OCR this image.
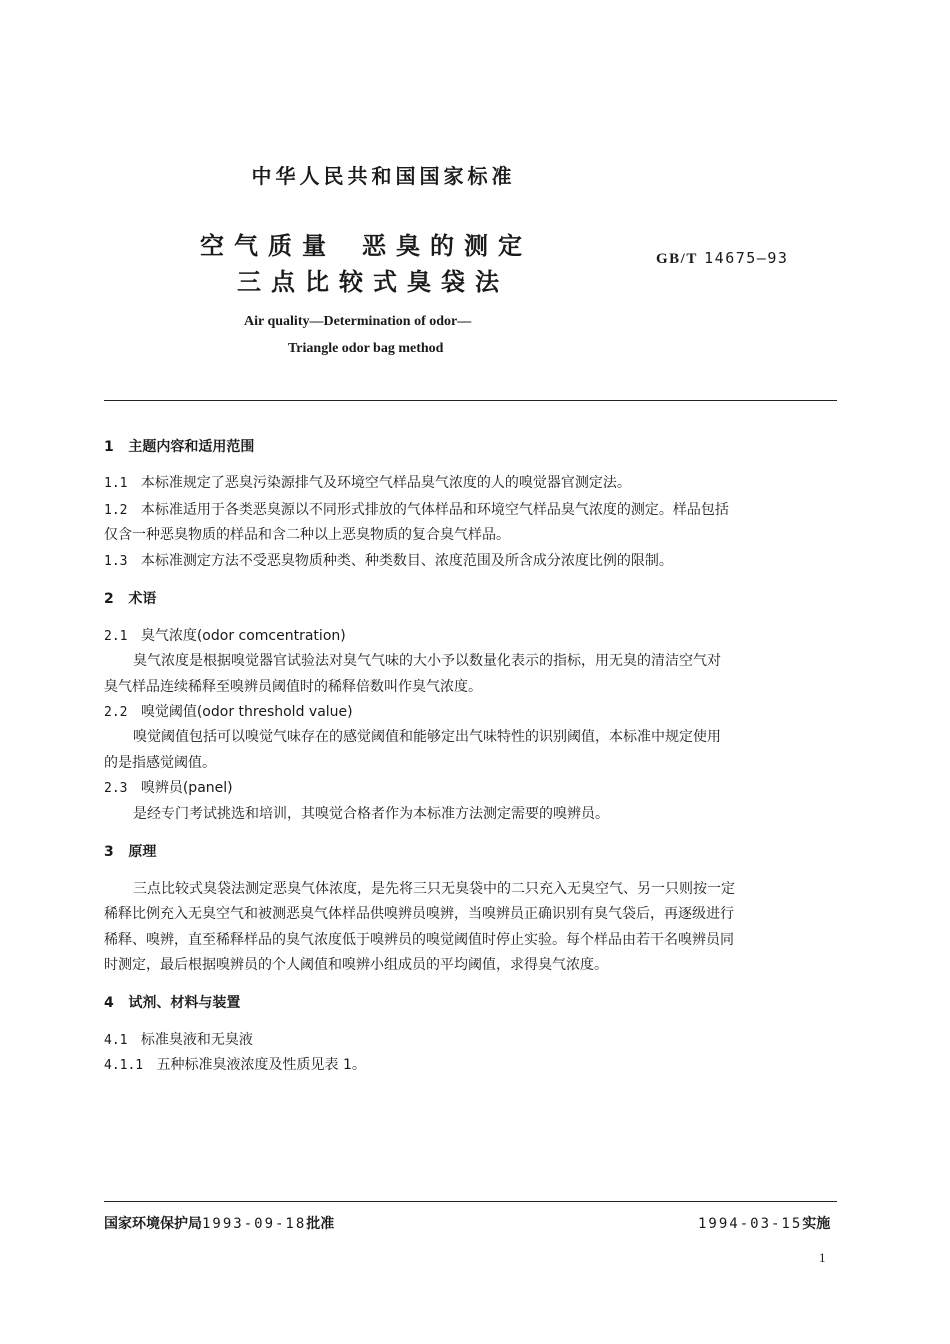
中华人民共和国国家标准
空气质量 恶臭的测定
三点比较式臭袋法
GB/T 14675—93
Air quality—Determination of odor—
Triangle odor bag method
1 主题内容和适用范围
1.1 本标准规定了恶臭污染源排气及环境空气样品臭气浓度的人的嗅觉器官测定法。
1.2 本标准适用于各类恶臭源以不同形式排放的气体样品和环境空气样品臭气浓度的测定。样品包括
仅含一种恶臭物质的样品和含二种以上恶臭物质的复合臭气样品。
1.3 本标准测定方法不受恶臭物质种类、种类数目、浓度范围及所含成分浓度比例的限制。
2 术语
2.1 臭气浓度(odor comcentration)
臭气浓度是根据嗅觉器官试验法对臭气气味的大小予以数量化表示的指标，用无臭的清洁空气对
臭气样品连续稀释至嗅辨员阈值时的稀释倍数叫作臭气浓度。
2.2 嗅觉阈值(odor threshold value)
嗅觉阈值包括可以嗅觉气味存在的感觉阈值和能够定出气味特性的识别阈值，本标准中规定使用
的是指感觉阈值。
2.3 嗅辨员(panel)
是经专门考试挑选和培训，其嗅觉合格者作为本标准方法测定需要的嗅辨员。
3 原理
三点比较式臭袋法测定恶臭气体浓度，是先将三只无臭袋中的二只充入无臭空气、另一只则按一定
稀释比例充入无臭空气和被测恶臭气体样品供嗅辨员嗅辨，当嗅辨员正确识别有臭气袋后，再逐级进行
稀释、嗅辨，直至稀释样品的臭气浓度低于嗅辨员的嗅觉阈值时停止实验。每个样品由若干名嗅辨员同
时测定，最后根据嗅辨员的个人阈值和嗅辨小组成员的平均阈值，求得臭气浓度。
4 试剂、材料与装置
4.1 标准臭液和无臭液
4.1.1 五种标准臭液浓度及性质见表 1。
国家环境保护局1993-09-18批准	1994-03-15实施
1
